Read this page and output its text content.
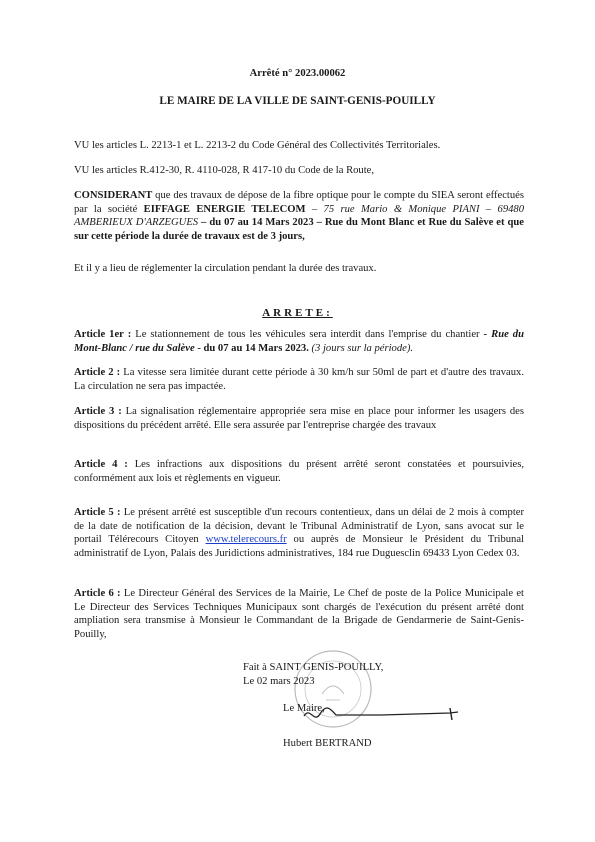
Arrêté n° 2023.00062
LE MAIRE DE LA VILLE DE SAINT-GENIS-POUILLY
VU les articles L. 2213-1 et L. 2213-2 du Code Général des Collectivités Territoriales.
VU les articles R.412-30, R. 4110-028, R 417-10 du Code de la Route,
CONSIDERANT que des travaux de dépose de la fibre optique pour le compte du SIEA seront effectués par la société EIFFAGE ENERGIE TELECOM – 75 rue Mario & Monique PIANI – 69480 AMBERIEUX D'ARZEGUES – du 07 au 14 Mars 2023 – Rue du Mont Blanc et Rue du Salève et que sur cette période la durée de travaux est de 3 jours,
Et il y a lieu de réglementer la circulation pendant la durée des travaux.
ARRETE:
Article 1er : Le stationnement de tous les véhicules sera interdit dans l'emprise du chantier - Rue du Mont-Blanc / rue du Salève - du 07 au 14 Mars 2023. (3 jours sur la période).
Article 2 : La vitesse sera limitée durant cette période à 30 km/h sur 50ml de part et d'autre des travaux. La circulation ne sera pas impactée.
Article 3 : La signalisation réglementaire appropriée sera mise en place pour informer les usagers des dispositions du précédent arrêté. Elle sera assurée par l'entreprise chargée des travaux
Article 4 : Les infractions aux dispositions du présent arrêté seront constatées et poursuivies, conformément aux lois et règlements en vigueur.
Article 5 : Le présent arrêté est susceptible d'un recours contentieux, dans un délai de 2 mois à compter de la date de notification de la décision, devant le Tribunal Administratif de Lyon, sans avocat sur le portail Télérecours Citoyen www.telerecours.fr ou auprès de Monsieur le Président du Tribunal administratif de Lyon, Palais des Juridictions administratives, 184 rue Duguesclin 69433 Lyon Cedex 03.
Article 6 : Le Directeur Général des Services de la Mairie, Le Chef de poste de la Police Municipale et Le Directeur des Services Techniques Municipaux sont chargés de l'exécution du présent arrêté dont ampliation sera transmise à Monsieur le Commandant de la Brigade de Gendarmerie de Saint-Genis-Pouilly,
Fait à SAINT GENIS-POUILLY,
Le 02 mars 2023
Le Maire,
Hubert BERTRAND
